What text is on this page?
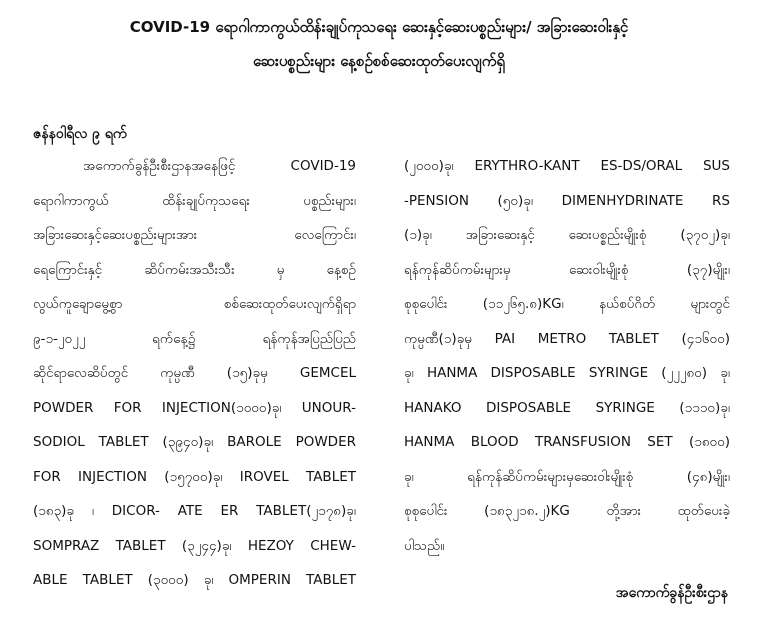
COVID-19 ရောဂါကာကွယ်ထိန်းချုပ်ကုသရေး ဆေးနှင့်ဆေးပစ္စည်းများ/ အခြားဆေးဝါးနှင့်
ဆေးပစ္စည်းများ နေ့စဉ်စစ်ဆေးထုတ်ပေးလျက်ရှိ
ဇန်နဝါရီလ ၉ ရက်
အကောက်ခွန်ဦးစီးဌာနအနေဖြင့် COVID-19
ရောဂါကာကွယ် ထိန်းချုပ်ကုသရေး ပစ္စည်းများ၊
အခြားဆေးနှင့်ဆေးပစ္စည်းများအား လေကြောင်း၊
ရေကြောင်းနှင့် ဆိပ်ကမ်းအသီးသီး မှ နေ့စဉ်
လွယ်ကူချောမွေ့စွာ စစ်ဆေးထုတ်ပေးလျက်ရှိရာ
၉-၁-၂၀၂၂ ရက်နေ့၌ ရန်ကုန်အပြည်ပြည်
ဆိုင်ရာလေဆိပ်တွင် ကုမ္ပဏီ (၁၅)ခုမှ GEMCEL
POWDER FOR INJECTION(၁၀၀၀)ခု၊ UNOUR-
SODIOL TABLET (၃၉၄၀)ခု၊ BAROLE POWDER
FOR INJECTION (၁၅၇၀၀)ခု၊ IROVEL TABLET
(၁၈၃)ခု ၊ DICOR- ATE ER TABLET(၂၁၇၈)ခု၊
SOMPRAZ TABLET (၃၂၄၄)ခု၊ HEZOY CHEW-
ABLE TABLET (၃၀၀၀) ခု၊ OMPERIN TABLET
(၂၀၀၀)ခု၊ ERYTHRO-KANT ES-DS/ORAL SUS
-PENSION (၅၀)ခု၊ DIMENHYDRINATE RS
(၁)ခု၊ အခြားဆေးနှင့် ဆေးပစ္စည်းမျိုးစုံ (၃၇၀၂)ခု၊
ရန်ကုန်ဆိပ်ကမ်းများမှ ဆေးဝါးမျိုးစုံ (၃၇)မျိုး၊
စုစုပေါင်း (၁၁၂၆၅.၈)KG၊ နယ်စပ်ဂိတ် များတွင်
ကုမ္ပဏီ(၁)ခုမှ PAI METRO TABLET (၄၁၆၀၀)
ခု၊ HANMA DISPOSABLE SYRINGE (၂၂၂၈၀) ခု၊
HANAKO DISPOSABLE SYRINGE (၁၁၁၀)ခု၊
HANMA BLOOD TRANSFUSION SET (၁၈၀၀)
ခု၊ ရန်ကုန်ဆိပ်ကမ်းများမှဆေးဝါးမျိုးစုံ (၄၈)မျိုး၊
စုစုပေါင်း (၁၈၃၂၁၈.၂)KG တို့အား ထုတ်ပေးခဲ့
ပါသည်။
အကောက်ခွန်ဦးစီးဌာန
